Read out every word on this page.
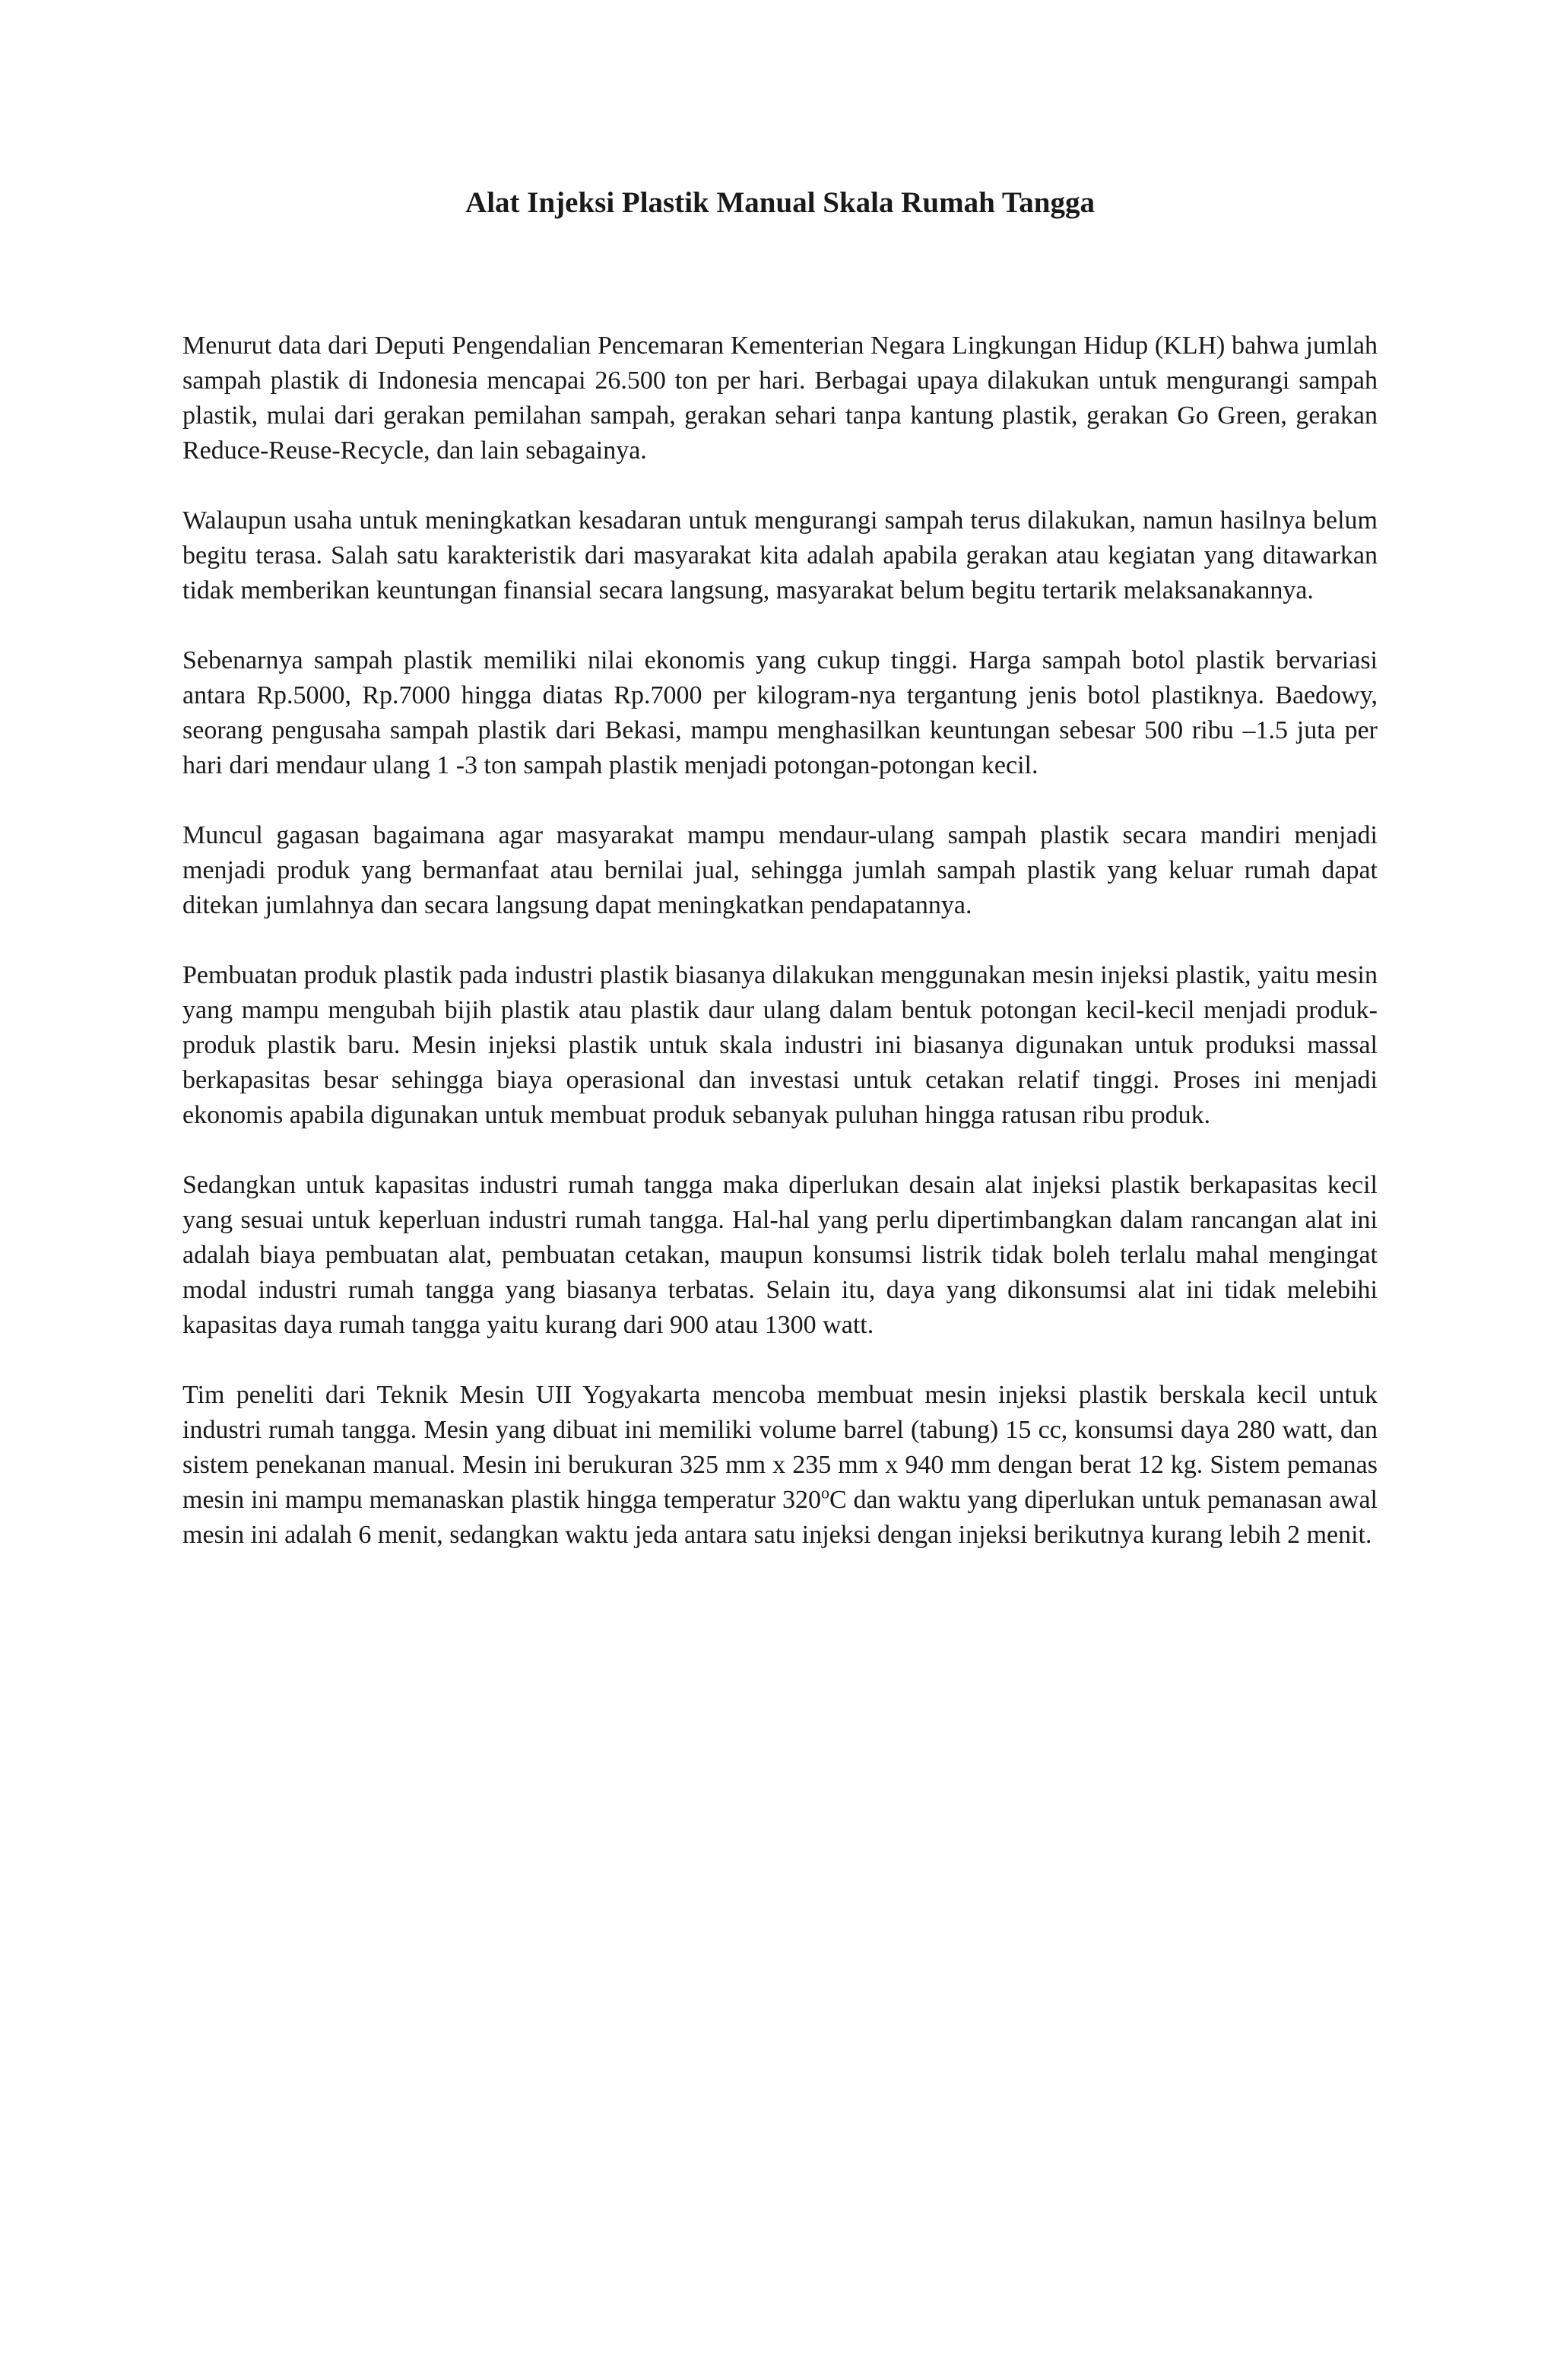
Alat Injeksi Plastik Manual Skala Rumah Tangga

Menurut data dari Deputi Pengendalian Pencemaran Kementerian Negara Lingkungan Hidup (KLH) bahwa jumlah sampah plastik di Indonesia mencapai 26.500 ton per hari. Berbagai upaya dilakukan untuk mengurangi sampah plastik, mulai dari gerakan pemilahan sampah, gerakan sehari tanpa kantung plastik, gerakan Go Green, gerakan Reduce-Reuse-Recycle, dan lain sebagainya.

Walaupun usaha untuk meningkatkan kesadaran untuk mengurangi sampah terus dilakukan, namun hasilnya belum begitu terasa. Salah satu karakteristik dari masyarakat kita adalah apabila gerakan atau kegiatan yang ditawarkan tidak memberikan keuntungan finansial secara langsung, masyarakat belum begitu tertarik melaksanakannya.

Sebenarnya sampah plastik memiliki nilai ekonomis yang cukup tinggi. Harga sampah botol plastik bervariasi antara Rp.5000, Rp.7000 hingga diatas Rp.7000 per kilogram-nya tergantung jenis botol plastiknya. Baedowy, seorang pengusaha sampah plastik dari Bekasi, mampu menghasilkan keuntungan sebesar 500 ribu –1.5 juta per hari dari mendaur ulang 1 -3 ton sampah plastik menjadi potongan-potongan kecil.

Muncul gagasan bagaimana agar masyarakat mampu mendaur-ulang sampah plastik secara mandiri menjadi menjadi produk yang bermanfaat atau bernilai jual, sehingga jumlah sampah plastik yang keluar rumah dapat ditekan jumlahnya dan secara langsung dapat meningkatkan pendapatannya.

Pembuatan produk plastik pada industri plastik biasanya dilakukan menggunakan mesin injeksi plastik, yaitu mesin yang mampu mengubah bijih plastik atau plastik daur ulang dalam bentuk potongan kecil-kecil menjadi produk-produk plastik baru. Mesin injeksi plastik untuk skala industri ini biasanya digunakan untuk produksi massal berkapasitas besar sehingga biaya operasional dan investasi untuk cetakan relatif tinggi. Proses ini menjadi ekonomis apabila digunakan untuk membuat produk sebanyak puluhan hingga ratusan ribu produk.

Sedangkan untuk kapasitas industri rumah tangga maka diperlukan desain alat injeksi plastik berkapasitas kecil yang sesuai untuk keperluan industri rumah tangga. Hal-hal yang perlu dipertimbangkan dalam rancangan alat ini adalah biaya pembuatan alat, pembuatan cetakan, maupun konsumsi listrik tidak boleh terlalu mahal mengingat modal industri rumah tangga yang biasanya terbatas. Selain itu, daya yang dikonsumsi alat ini tidak melebihi kapasitas daya rumah tangga yaitu kurang dari 900 atau 1300 watt.

Tim peneliti dari Teknik Mesin UII Yogyakarta mencoba membuat mesin injeksi plastik berskala kecil untuk industri rumah tangga. Mesin yang dibuat ini memiliki volume barrel (tabung) 15 cc, konsumsi daya 280 watt, dan sistem penekanan manual. Mesin ini berukuran 325 mm x 235 mm x 940 mm dengan berat 12 kg. Sistem pemanas mesin ini mampu memanaskan plastik hingga temperatur 320$^o$C dan waktu yang diperlukan untuk pemanasan awal mesin ini adalah 6 menit, sedangkan waktu jeda antara satu injeksi dengan injeksi berikutnya kurang lebih 2 menit.
